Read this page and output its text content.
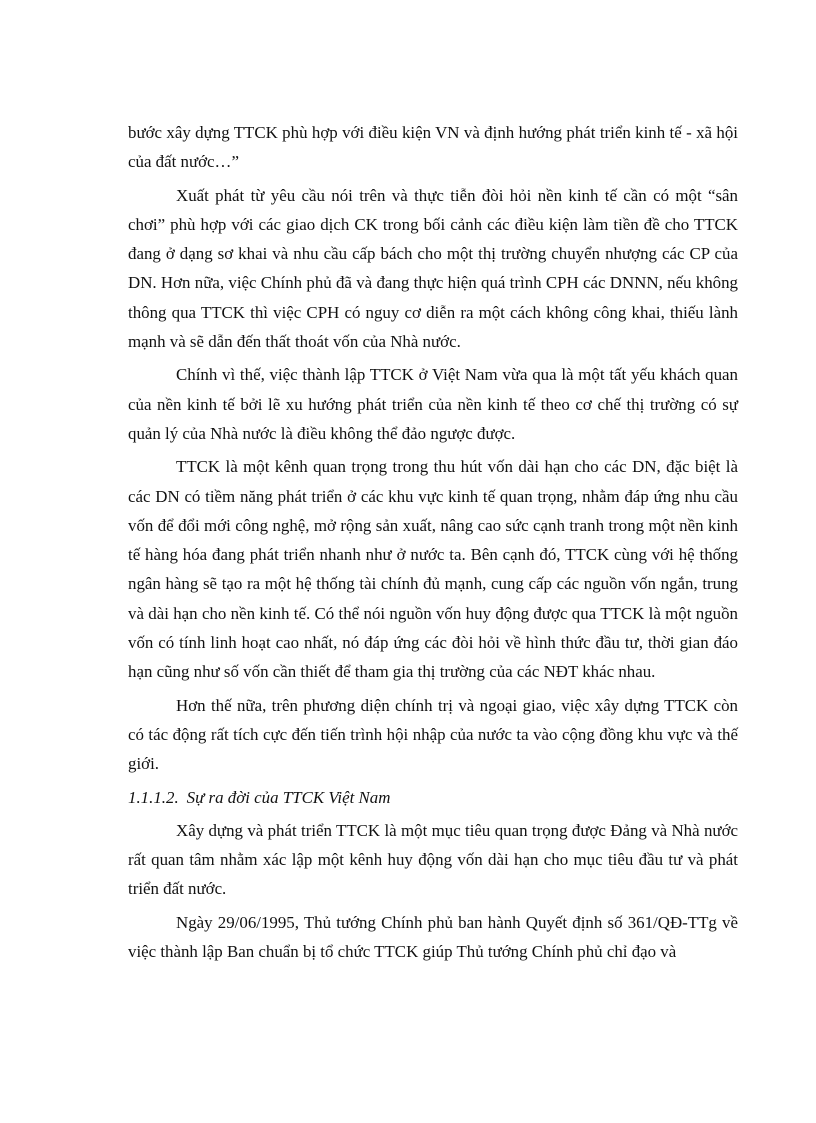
bước xây dựng TTCK phù hợp với điều kiện VN và định hướng phát triển kinh tế - xã hội của đất nước…”

Xuất phát từ yêu cầu nói trên và thực tiễn đòi hỏi nền kinh tế cần có một “sân chơi” phù hợp với các giao dịch CK trong bối cảnh các điều kiện làm tiền đề cho TTCK đang ở dạng sơ khai và nhu cầu cấp bách cho một thị trường chuyển nhượng các CP của DN. Hơn nữa, việc Chính phủ đã và đang thực hiện quá trình CPH các DNNN, nếu không thông qua TTCK thì việc CPH có nguy cơ diễn ra một cách không công khai, thiếu lành mạnh và sẽ dẫn đến thất thoát vốn của Nhà nước.

Chính vì thế, việc thành lập TTCK ở Việt Nam vừa qua là một tất yếu khách quan của nền kinh tế bởi lẽ xu hướng phát triển của nền kinh tế theo cơ chế thị trường có sự quản lý của Nhà nước là điều không thể đảo ngược được.

TTCK là một kênh quan trọng trong thu hút vốn dài hạn cho các DN, đặc biệt là các DN có tiềm năng phát triển ở các khu vực kinh tế quan trọng, nhằm đáp ứng nhu cầu vốn để đổi mới công nghệ, mở rộng sản xuất, nâng cao sức cạnh tranh trong một nền kinh tế hàng hóa đang phát triển nhanh như ở nước ta. Bên cạnh đó, TTCK cùng với hệ thống ngân hàng sẽ tạo ra một hệ thống tài chính đủ mạnh, cung cấp các nguồn vốn ngắn, trung và dài hạn cho nền kinh tế. Có thể nói nguồn vốn huy động được qua TTCK là một nguồn vốn có tính linh hoạt cao nhất, nó đáp ứng các đòi hỏi về hình thức đầu tư, thời gian đáo hạn cũng như số vốn cần thiết để tham gia thị trường của các NĐT khác nhau.

Hơn thế nữa, trên phương diện chính trị và ngoại giao, việc xây dựng TTCK còn có tác động rất tích cực đến tiến trình hội nhập của nước ta vào cộng đồng khu vực và thế giới.

1.1.1.2. Sự ra đời của TTCK Việt Nam

Xây dựng và phát triển TTCK là một mục tiêu quan trọng được Đảng và Nhà nước rất quan tâm nhằm xác lập một kênh huy động vốn dài hạn cho mục tiêu đầu tư và phát triển đất nước.

Ngày 29/06/1995, Thủ tướng Chính phủ ban hành Quyết định số 361/QĐ-TTg về việc thành lập Ban chuẩn bị tổ chức TTCK giúp Thủ tướng Chính phủ chỉ đạo và
